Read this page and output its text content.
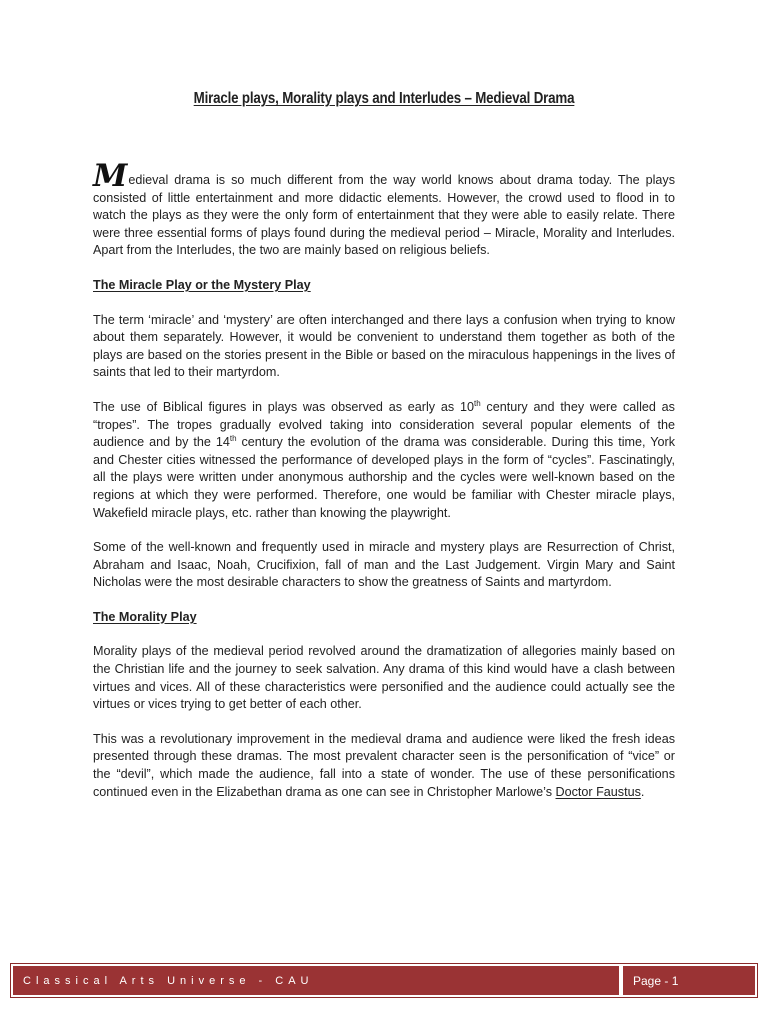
Miracle plays, Morality plays and Interludes – Medieval Drama

Medieval drama is so much different from the way world knows about drama today. The plays consisted of little entertainment and more didactic elements. However, the crowd used to flood in to watch the plays as they were the only form of entertainment that they were able to easily relate. There were three essential forms of plays found during the medieval period – Miracle, Morality and Interludes. Apart from the Interludes, the two are mainly based on religious beliefs.

The Miracle Play or the Mystery Play

The term ‘miracle’ and ‘mystery’ are often interchanged and there lays a confusion when trying to know about them separately. However, it would be convenient to understand them together as both of the plays are based on the stories present in the Bible or based on the miraculous happenings in the lives of saints that led to their martyrdom.

The use of Biblical figures in plays was observed as early as 10th century and they were called as “tropes”. The tropes gradually evolved taking into consideration several popular elements of the audience and by the 14th century the evolution of the drama was considerable. During this time, York and Chester cities witnessed the performance of developed plays in the form of “cycles”. Fascinatingly, all the plays were written under anonymous authorship and the cycles were well-known based on the regions at which they were performed. Therefore, one would be familiar with Chester miracle plays, Wakefield miracle plays, etc. rather than knowing the playwright.

Some of the well-known and frequently used in miracle and mystery plays are Resurrection of Christ, Abraham and Isaac, Noah, Crucifixion, fall of man and the Last Judgement. Virgin Mary and Saint Nicholas were the most desirable characters to show the greatness of Saints and martyrdom.

The Morality Play

Morality plays of the medieval period revolved around the dramatization of allegories mainly based on the Christian life and the journey to seek salvation. Any drama of this kind would have a clash between virtues and vices. All of these characteristics were personified and the audience could actually see the virtues or vices trying to get better of each other.

This was a revolutionary improvement in the medieval drama and audience were liked the fresh ideas presented through these dramas. The most prevalent character seen is the personification of “vice” or the “devil”, which made the audience, fall into a state of wonder. The use of these personifications continued even in the Elizabethan drama as one can see in Christopher Marlowe’s Doctor Faustus.

Classical Arts Universe - CAU	Page - 1
